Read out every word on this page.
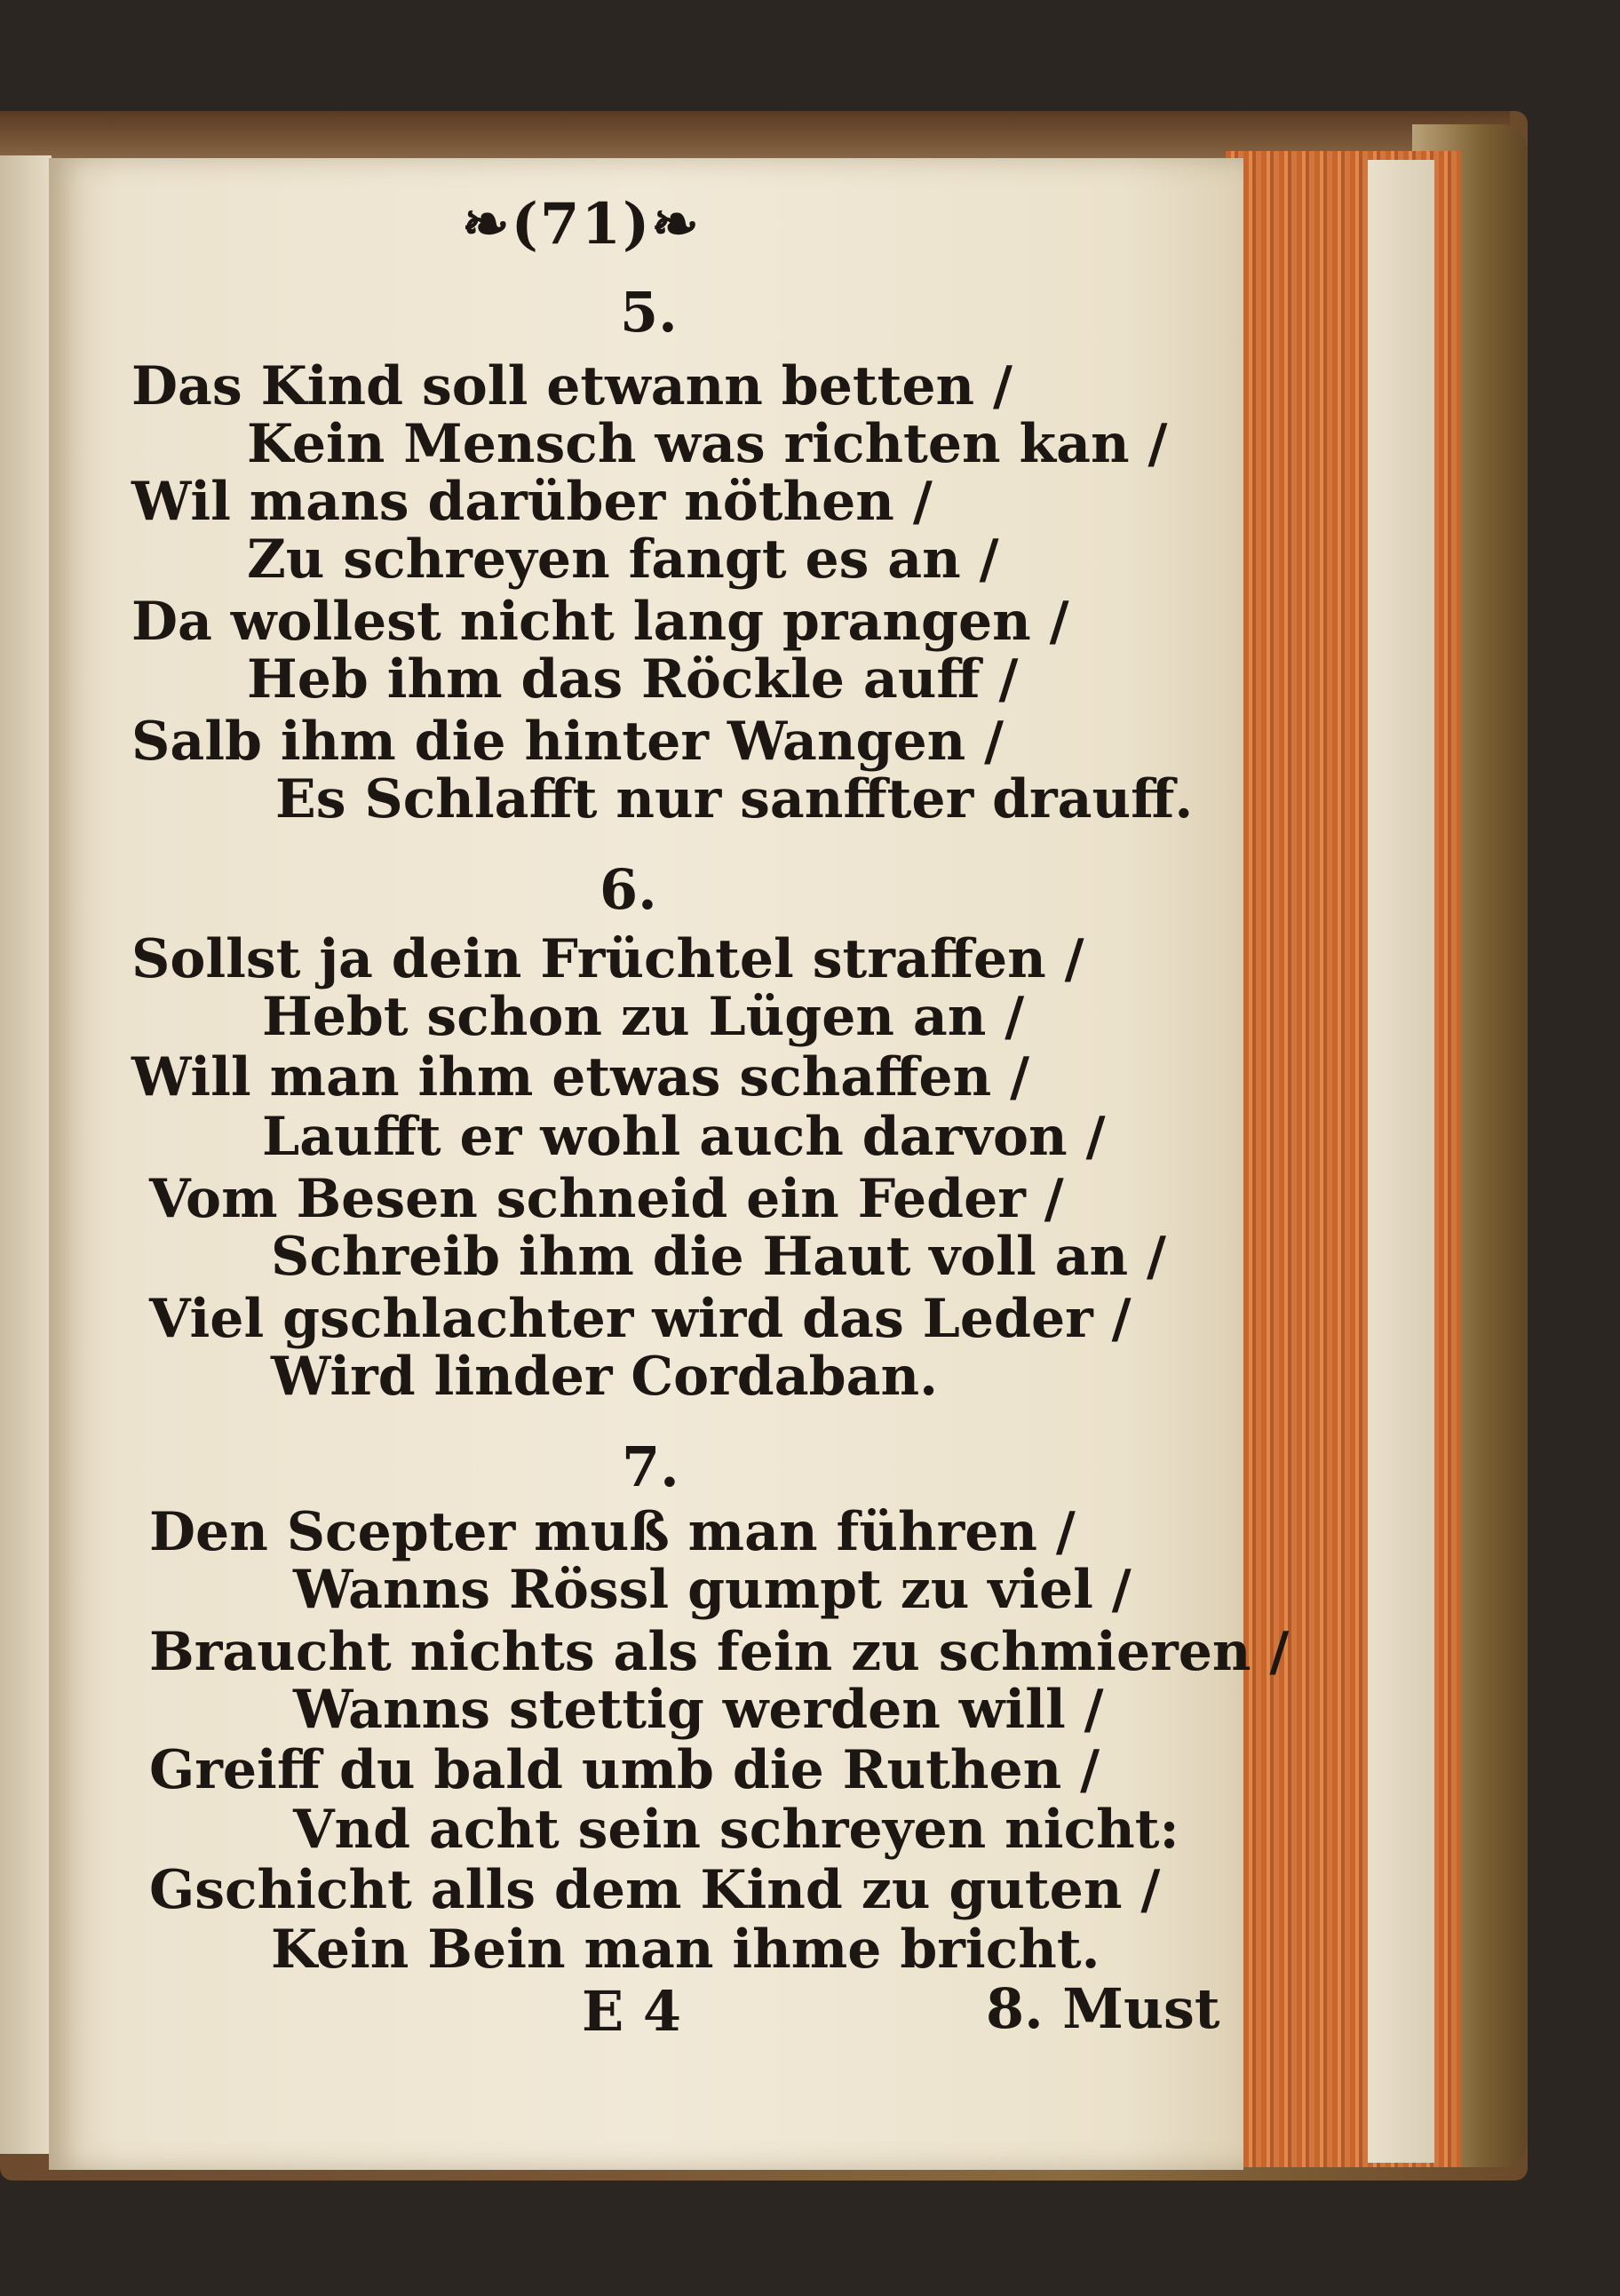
❧(71)❧
5.
Das Kind soll etwann betten /
Kein Mensch was richten kan /
Wil mans darüber nöthen /
Zu schreyen fangt es an /
Da wollest nicht lang prangen /
Heb ihm das Röckle auff /
Salb ihm die hinter Wangen /
Es Schlafft nur sanffter drauff.
6.
Sollst ja dein Früchtel straffen /
Hebt schon zu Lügen an /
Will man ihm etwas schaffen /
Laufft er wohl auch darvon /
Vom Besen schneid ein Feder /
Schreib ihm die Haut voll an /
Viel gschlachter wird das Leder /
Wird linder Cordaban.
7.
Den Scepter muß man führen /
Wanns Rössl gumpt zu viel /
Braucht nichts als fein zu schmieren /
Wanns stettig werden will /
Greiff du bald umb die Ruthen /
Vnd acht sein schreyen nicht:
Gschicht alls dem Kind zu guten /
Kein Bein man ihme bricht.
E 4	8. Must
